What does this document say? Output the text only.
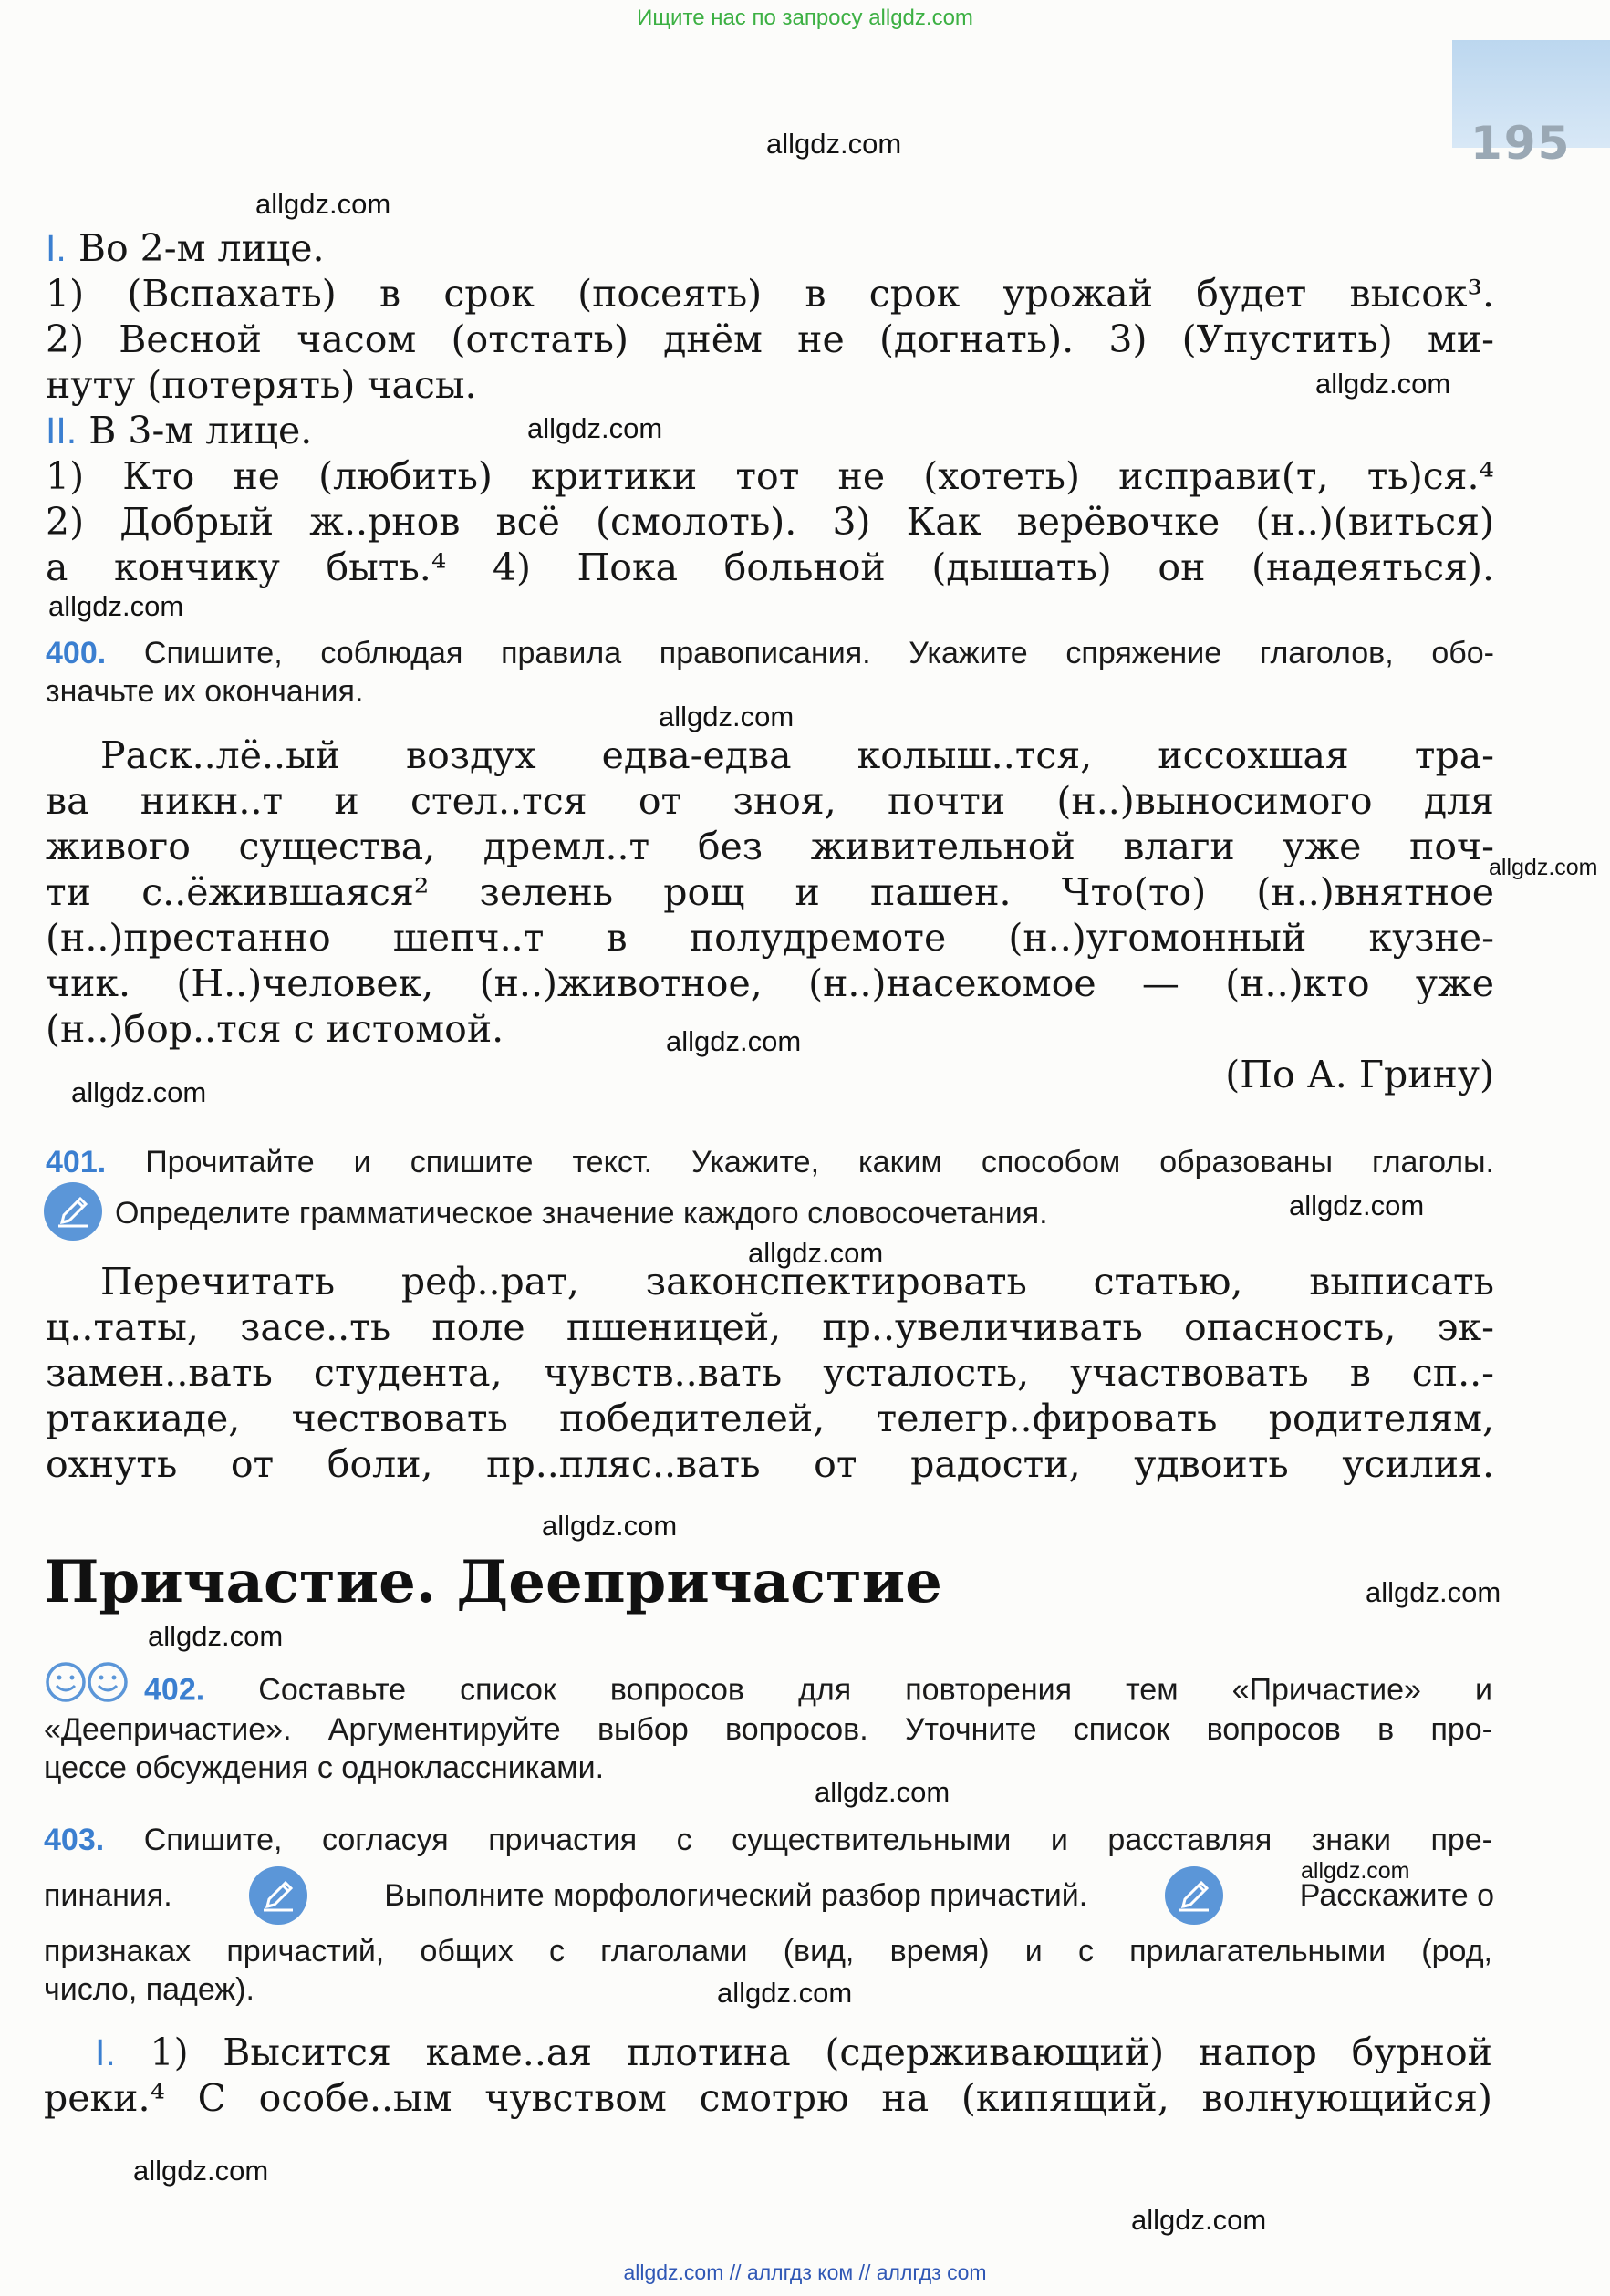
Ищите нас по запросу allgdz.com
195
allgdz.com
allgdz.com
allgdz.com
allgdz.com
allgdz.com
allgdz.com
allgdz.com
allgdz.com
allgdz.com
allgdz.com
allgdz.com
allgdz.com
allgdz.com
allgdz.com
allgdz.com
allgdz.com
allgdz.com
allgdz.com
allgdz.com
I. Во 2-м лице.
1) (Вспахать) в срок (посеять) в срок урожай будет высок³.
2) Весной часом (отстать) днём не (догнать). 3) (Упустить) ми-
нуту (потерять) часы.
II. В 3-м лице.
1) Кто не (любить) критики тот не (хотеть) исправи(т, ть)ся.⁴
2) Добрый ж..рнов всё (смолоть). 3) Как верёвочке (н..)(виться)
а кончику быть.⁴ 4) Пока больной (дышать) он (надеяться).
400. Спишите, соблюдая правила правописания. Укажите спряжение глаголов, обо-
значьте их окончания.
Раск..лё..ый воздух едва-едва колыш..тся, иссохшая тра-
ва никн..т и стел..тся от зноя, почти (н..)выносимого для
живого существа, дремл..т без живительной влаги уже поч-
ти с..ёжившаяся² зелень рощ и пашен. Что(то) (н..)внятное
(н..)престанно шепч..т в полудремоте (н..)угомонный кузне-
чик. (Н..)человек, (н..)животное, (н..)насекомое — (н..)кто уже
(н..)бор..тся с истомой.
(По А. Грину)
401. Прочитайте и спишите текст. Укажите, каким способом образованы глаголы.
Определите грамматическое значение каждого словосочетания.
Перечитать реф..рат, законспектировать статью, выписать
ц..таты, засе..ть поле пшеницей, пр..увеличивать опасность, эк-
замен..вать студента, чувств..вать усталость, участвовать в сп..-
ртакиаде, чествовать победителей, телегр..фировать родителям,
охнуть от боли, пр..пляс..вать от радости, удвоить усилия.
Причастие. Деепричастие
402. Составьте список вопросов для повторения тем «Причастие» и
«Деепричастие». Аргументируйте выбор вопросов. Уточните список вопросов в про-
цессе обсуждения с одноклассниками.
403. Спишите, согласуя причастия с существительными и расставляя знаки пре-
пинания.	Выполните морфологический разбор причастий.	Расскажите о
признаках причастий, общих с глаголами (вид, время) и с прилагательными (род,
число, падеж).
I. 1) Высится каме..ая плотина (сдерживающий) напор бурной
реки.⁴ С особе..ым чувством смотрю на (кипящий, волнующийся)
allgdz.com // аллгдз ком // аллгдз com
